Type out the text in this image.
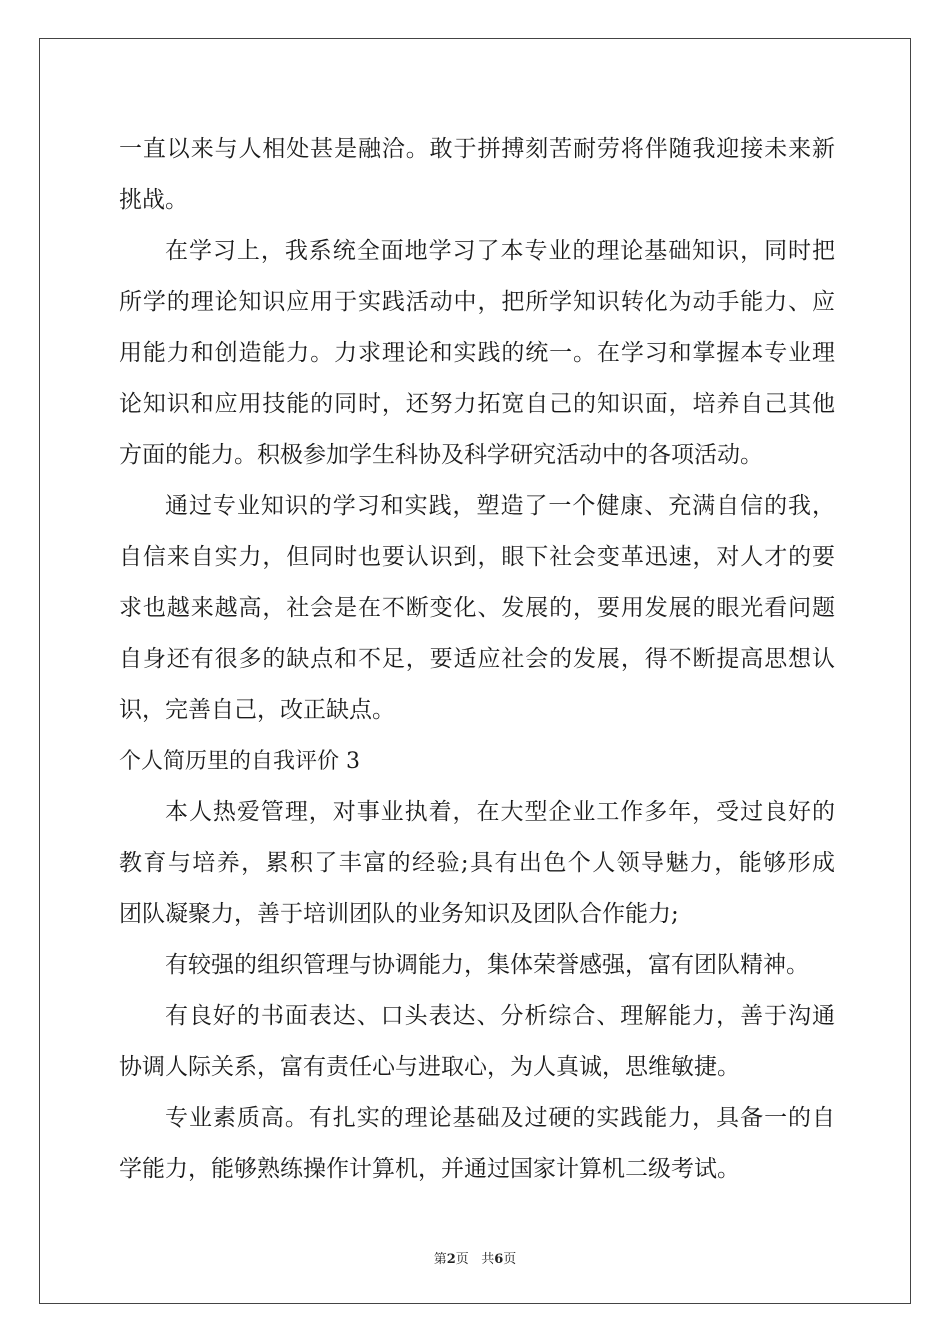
一直以来与人相处甚是融洽。敢于拼搏刻苦耐劳将伴随我迎接未来新
挑战。
在学习上，我系统全面地学习了本专业的理论基础知识，同时把
所学的理论知识应用于实践活动中，把所学知识转化为动手能力、应
用能力和创造能力。力求理论和实践的统一。在学习和掌握本专业理
论知识和应用技能的同时，还努力拓宽自己的知识面，培养自己其他
方面的能力。积极参加学生科协及科学研究活动中的各项活动。
通过专业知识的学习和实践，塑造了一个健康、充满自信的我，
自信来自实力，但同时也要认识到，眼下社会变革迅速，对人才的要
求也越来越高，社会是在不断变化、发展的，要用发展的眼光看问题
自身还有很多的缺点和不足，要适应社会的发展，得不断提高思想认
识，完善自己，改正缺点。
个人简历里的自我评价 3
本人热爱管理，对事业执着，在大型企业工作多年，受过良好的
教育与培养，累积了丰富的经验;具有出色个人领导魅力，能够形成
团队凝聚力，善于培训团队的业务知识及团队合作能力;
有较强的组织管理与协调能力，集体荣誉感强，富有团队精神。
有良好的书面表达、口头表达、分析综合、理解能力，善于沟通
协调人际关系，富有责任心与进取心，为人真诚，思维敏捷。
专业素质高。有扎实的理论基础及过硬的实践能力，具备一的自
学能力，能够熟练操作计算机，并通过国家计算机二级考试。
第2页 共6页
